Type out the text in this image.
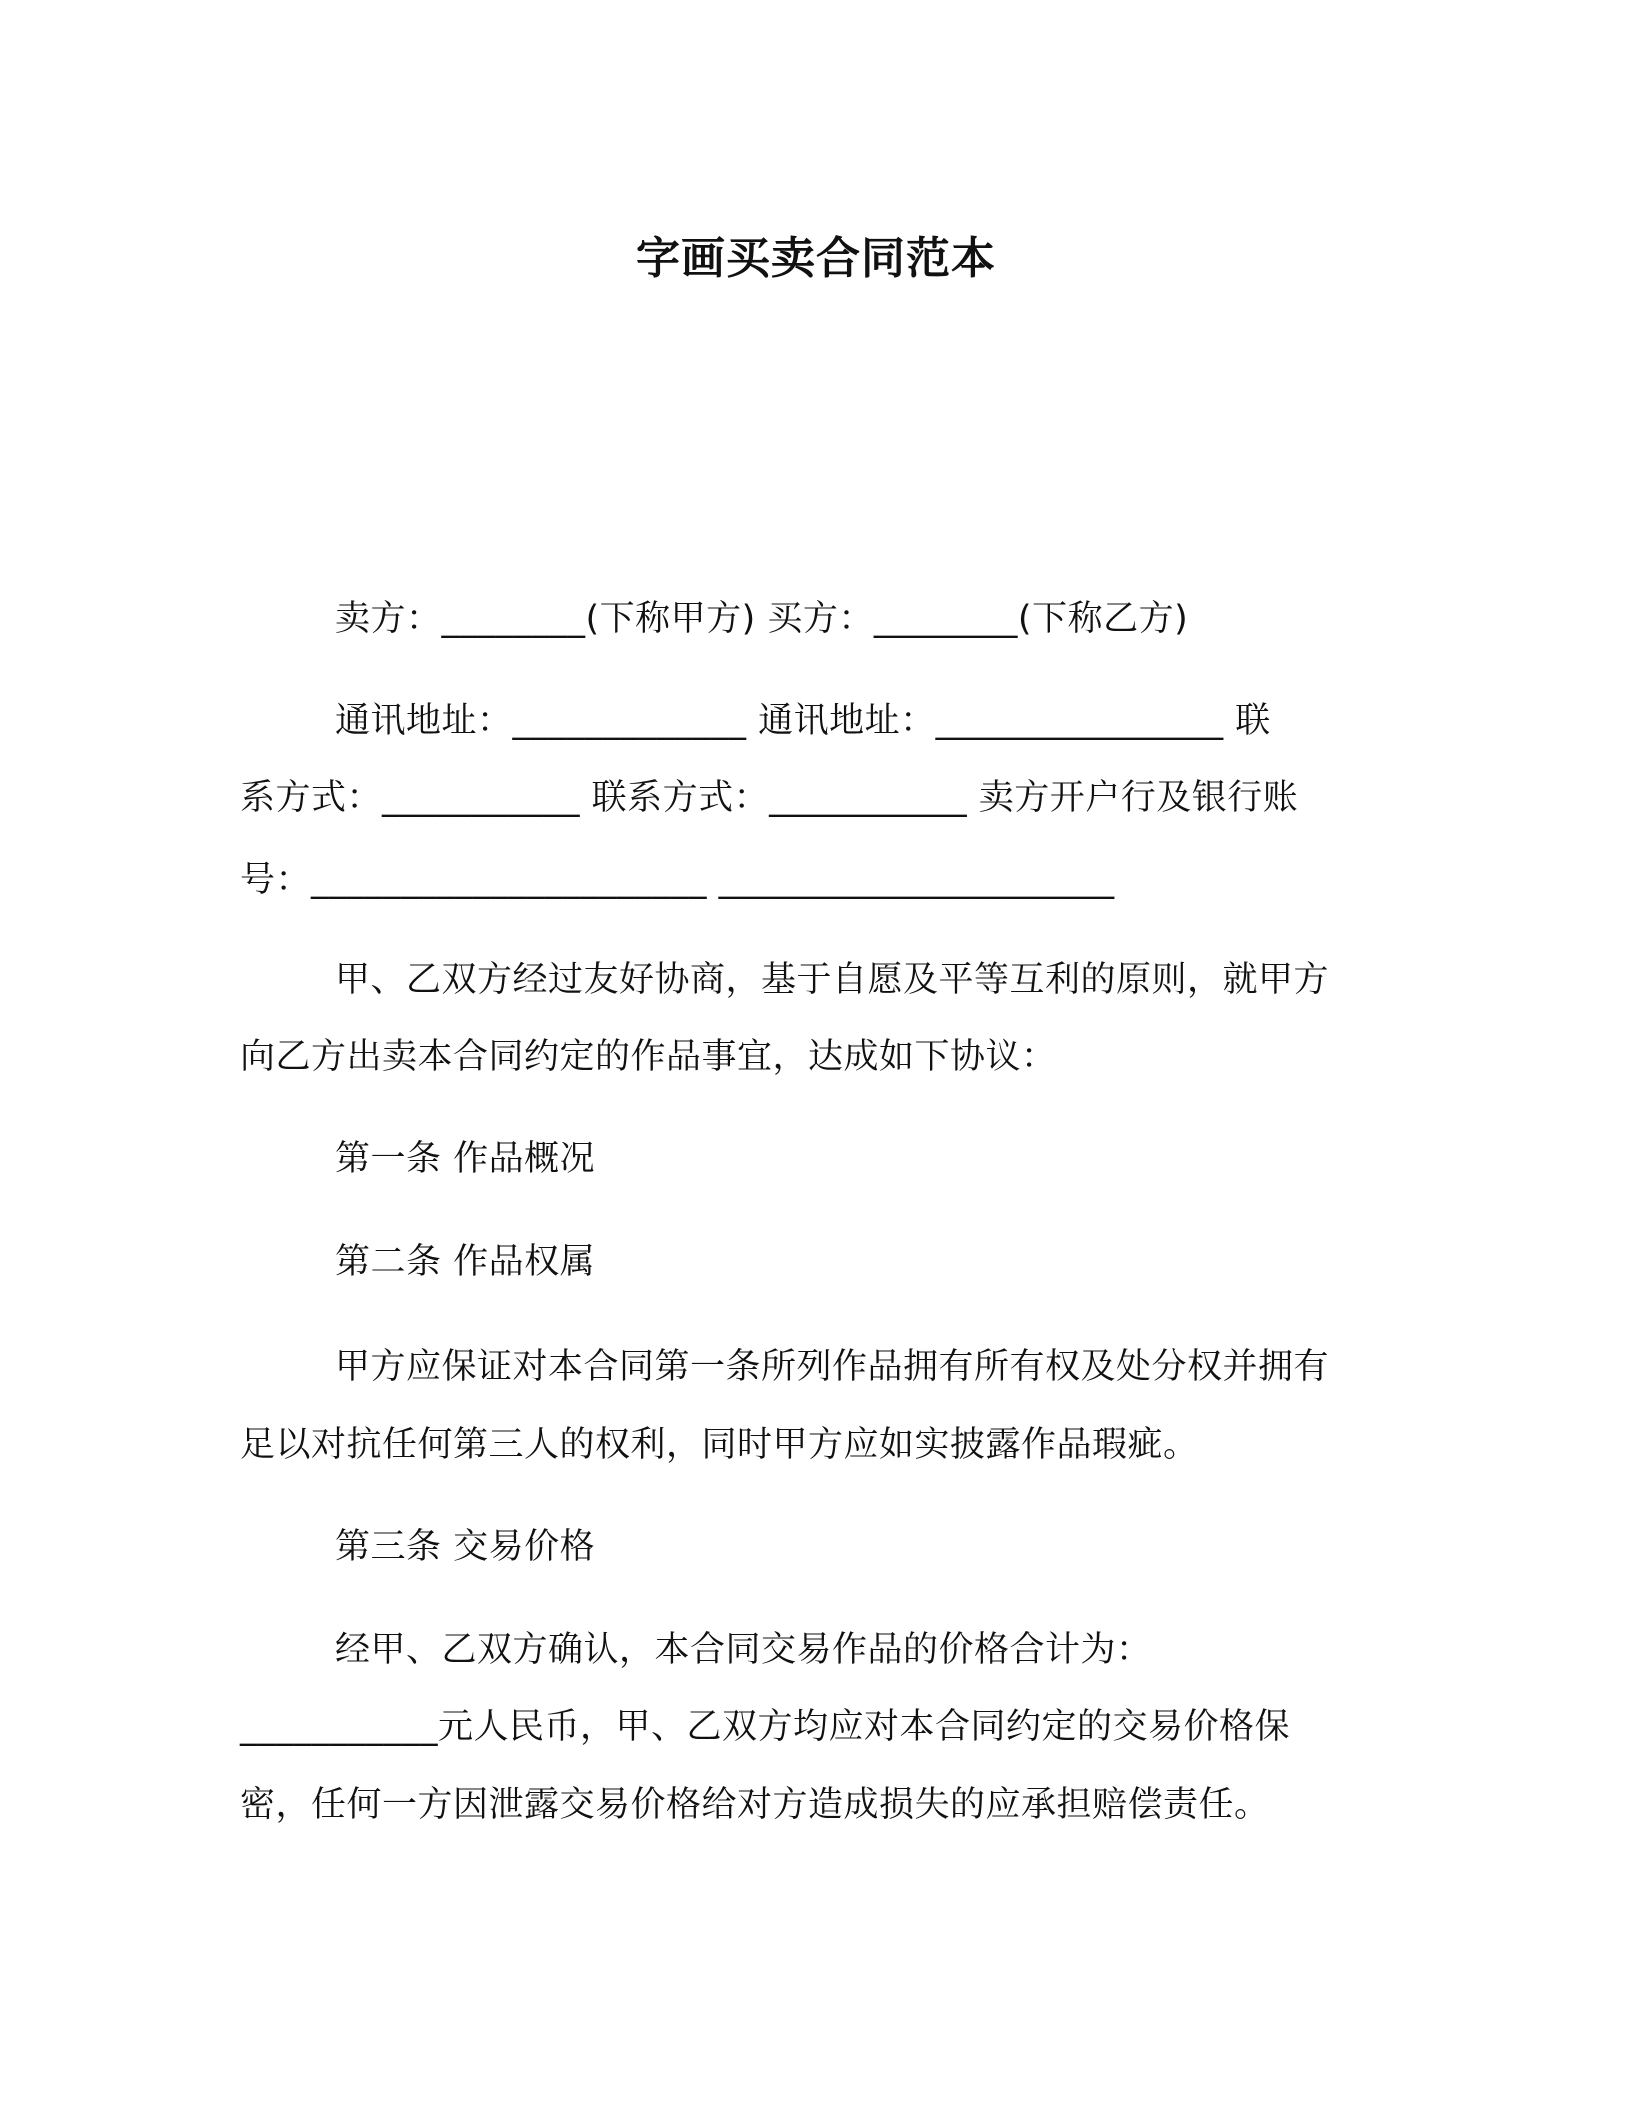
字画买卖合同范本
卖方：________(下称甲方) 买方：________(下称乙方)
通讯地址：_____________ 通讯地址：________________ 联
系方式：___________ 联系方式：___________ 卖方开户行及银行账
号：______________________ ______________________
甲、乙双方经过友好协商，基于自愿及平等互利的原则，就甲方
向乙方出卖本合同约定的作品事宜，达成如下协议：
第一条 作品概况
第二条 作品权属
甲方应保证对本合同第一条所列作品拥有所有权及处分权并拥有
足以对抗任何第三人的权利，同时甲方应如实披露作品瑕疵。
第三条 交易价格
经甲、乙双方确认，本合同交易作品的价格合计为：
___________元人民币，甲、乙双方均应对本合同约定的交易价格保
密，任何一方因泄露交易价格给对方造成损失的应承担赔偿责任。
